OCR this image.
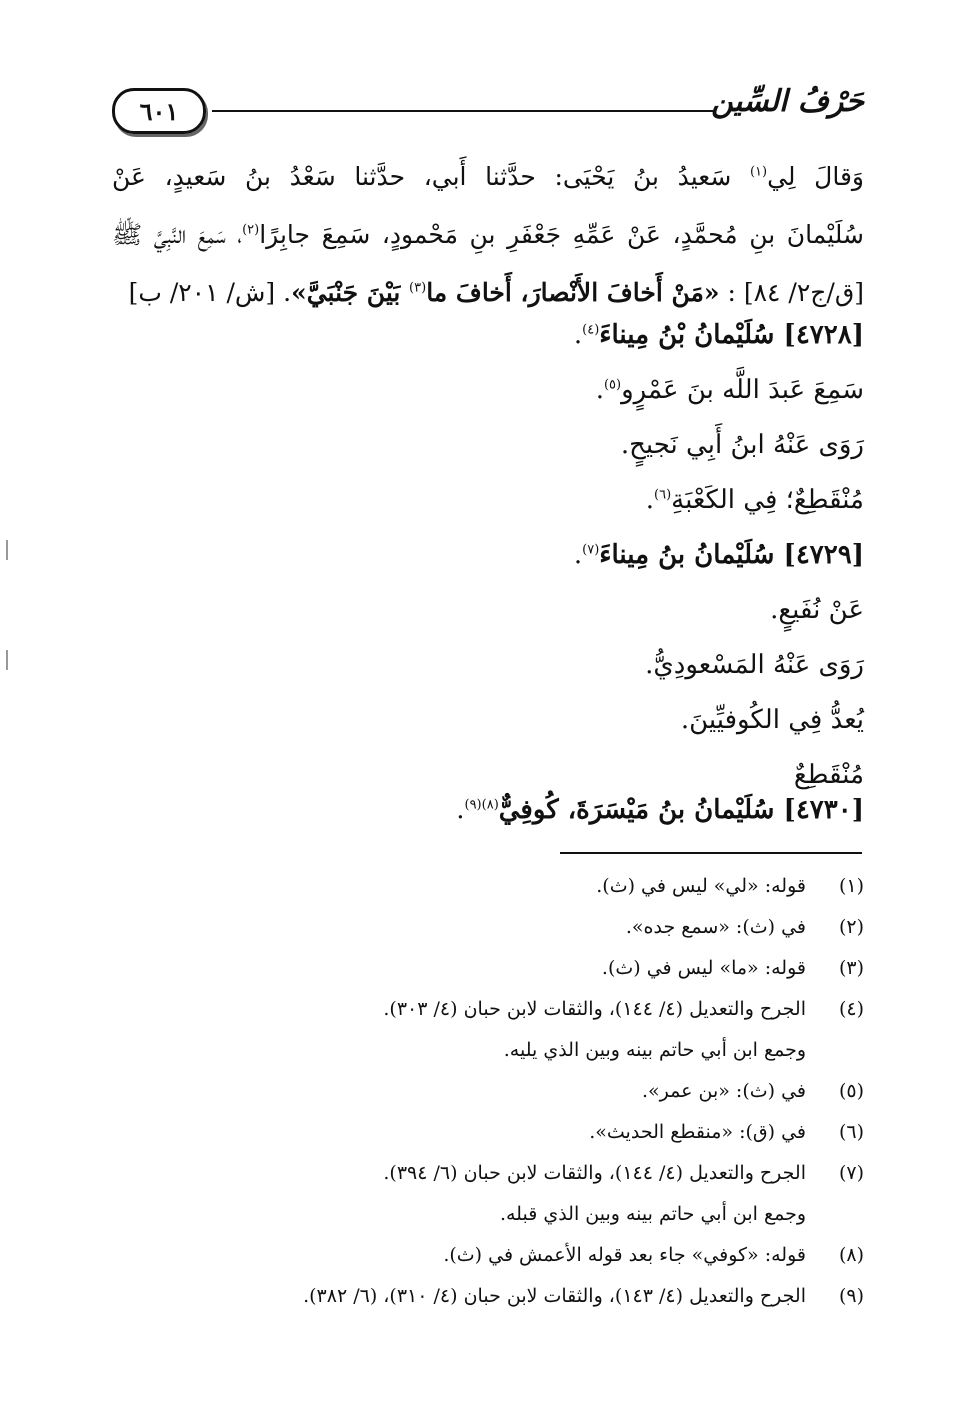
٦٠١	حَرْفُ السِّين
وَقالَ لِي$^{(١)}$ سَعيدُ بنُ يَحْيَى: حدَّثنا أَبي، حدَّثنا سَعْدُ بنُ سَعيدٍ، عَنْ
سُلَيْمانَ بنِ مُحمَّدٍ، عَنْ عَمِّهِ جَعْفَرِ بنِ مَحْمودٍ، سَمِعَ جابِرًا$^{(٢)}$، سَمِعَ النَّبِيَّ ﷺ
[ق/ج٢/ ٨٤] : «مَنْ أَخافَ الأَنْصارَ، أَخافَ ما$^{(٣)}$ بَيْنَ جَنْبَيَّ». [ش/ ٢٠١/ ب]
[٤٧٢٨] سُلَيْمانُ بْنُ مِيناءَ$^{(٤)}$.
سَمِعَ عَبدَ اللَّه بنَ عَمْرٍو$^{(٥)}$.
رَوَى عَنْهُ ابنُ أَبِي نَجيحٍ.
مُنْقَطِعٌ؛ فِي الكَعْبَةِ$^{(٦)}$.
[٤٧٢٩] سُلَيْمانُ بنُ مِيناءَ$^{(٧)}$.
عَنْ نُفَيعٍ.
رَوَى عَنْهُ المَسْعودِيُّ.
يُعدُّ فِي الكُوفيِّينَ.
مُنْقَطِعٌ
[٤٧٣٠] سُلَيْمانُ بنُ مَيْسَرَةَ، كُوفِيٌّ$^{(٨)(٩)}$.
(١)قوله: «لي» ليس في (ث).
(٢)في (ث): «سمع جده».
(٣)قوله: «ما» ليس في (ث).
(٤)الجرح والتعديل (٤/ ١٤٤)، والثقات لابن حبان (٤/ ٣٠٣).
وجمع ابن أبي حاتم بينه وبين الذي يليه.
(٥)في (ث): «بن عمر».
(٦)في (ق): «منقطع الحديث».
(٧)الجرح والتعديل (٤/ ١٤٤)، والثقات لابن حبان (٦/ ٣٩٤).
وجمع ابن أبي حاتم بينه وبين الذي قبله.
(٨)قوله: «كوفي» جاء بعد قوله الأعمش في (ث).
(٩)الجرح والتعديل (٤/ ١٤٣)، والثقات لابن حبان (٤/ ٣١٠)، (٦/ ٣٨٢).
